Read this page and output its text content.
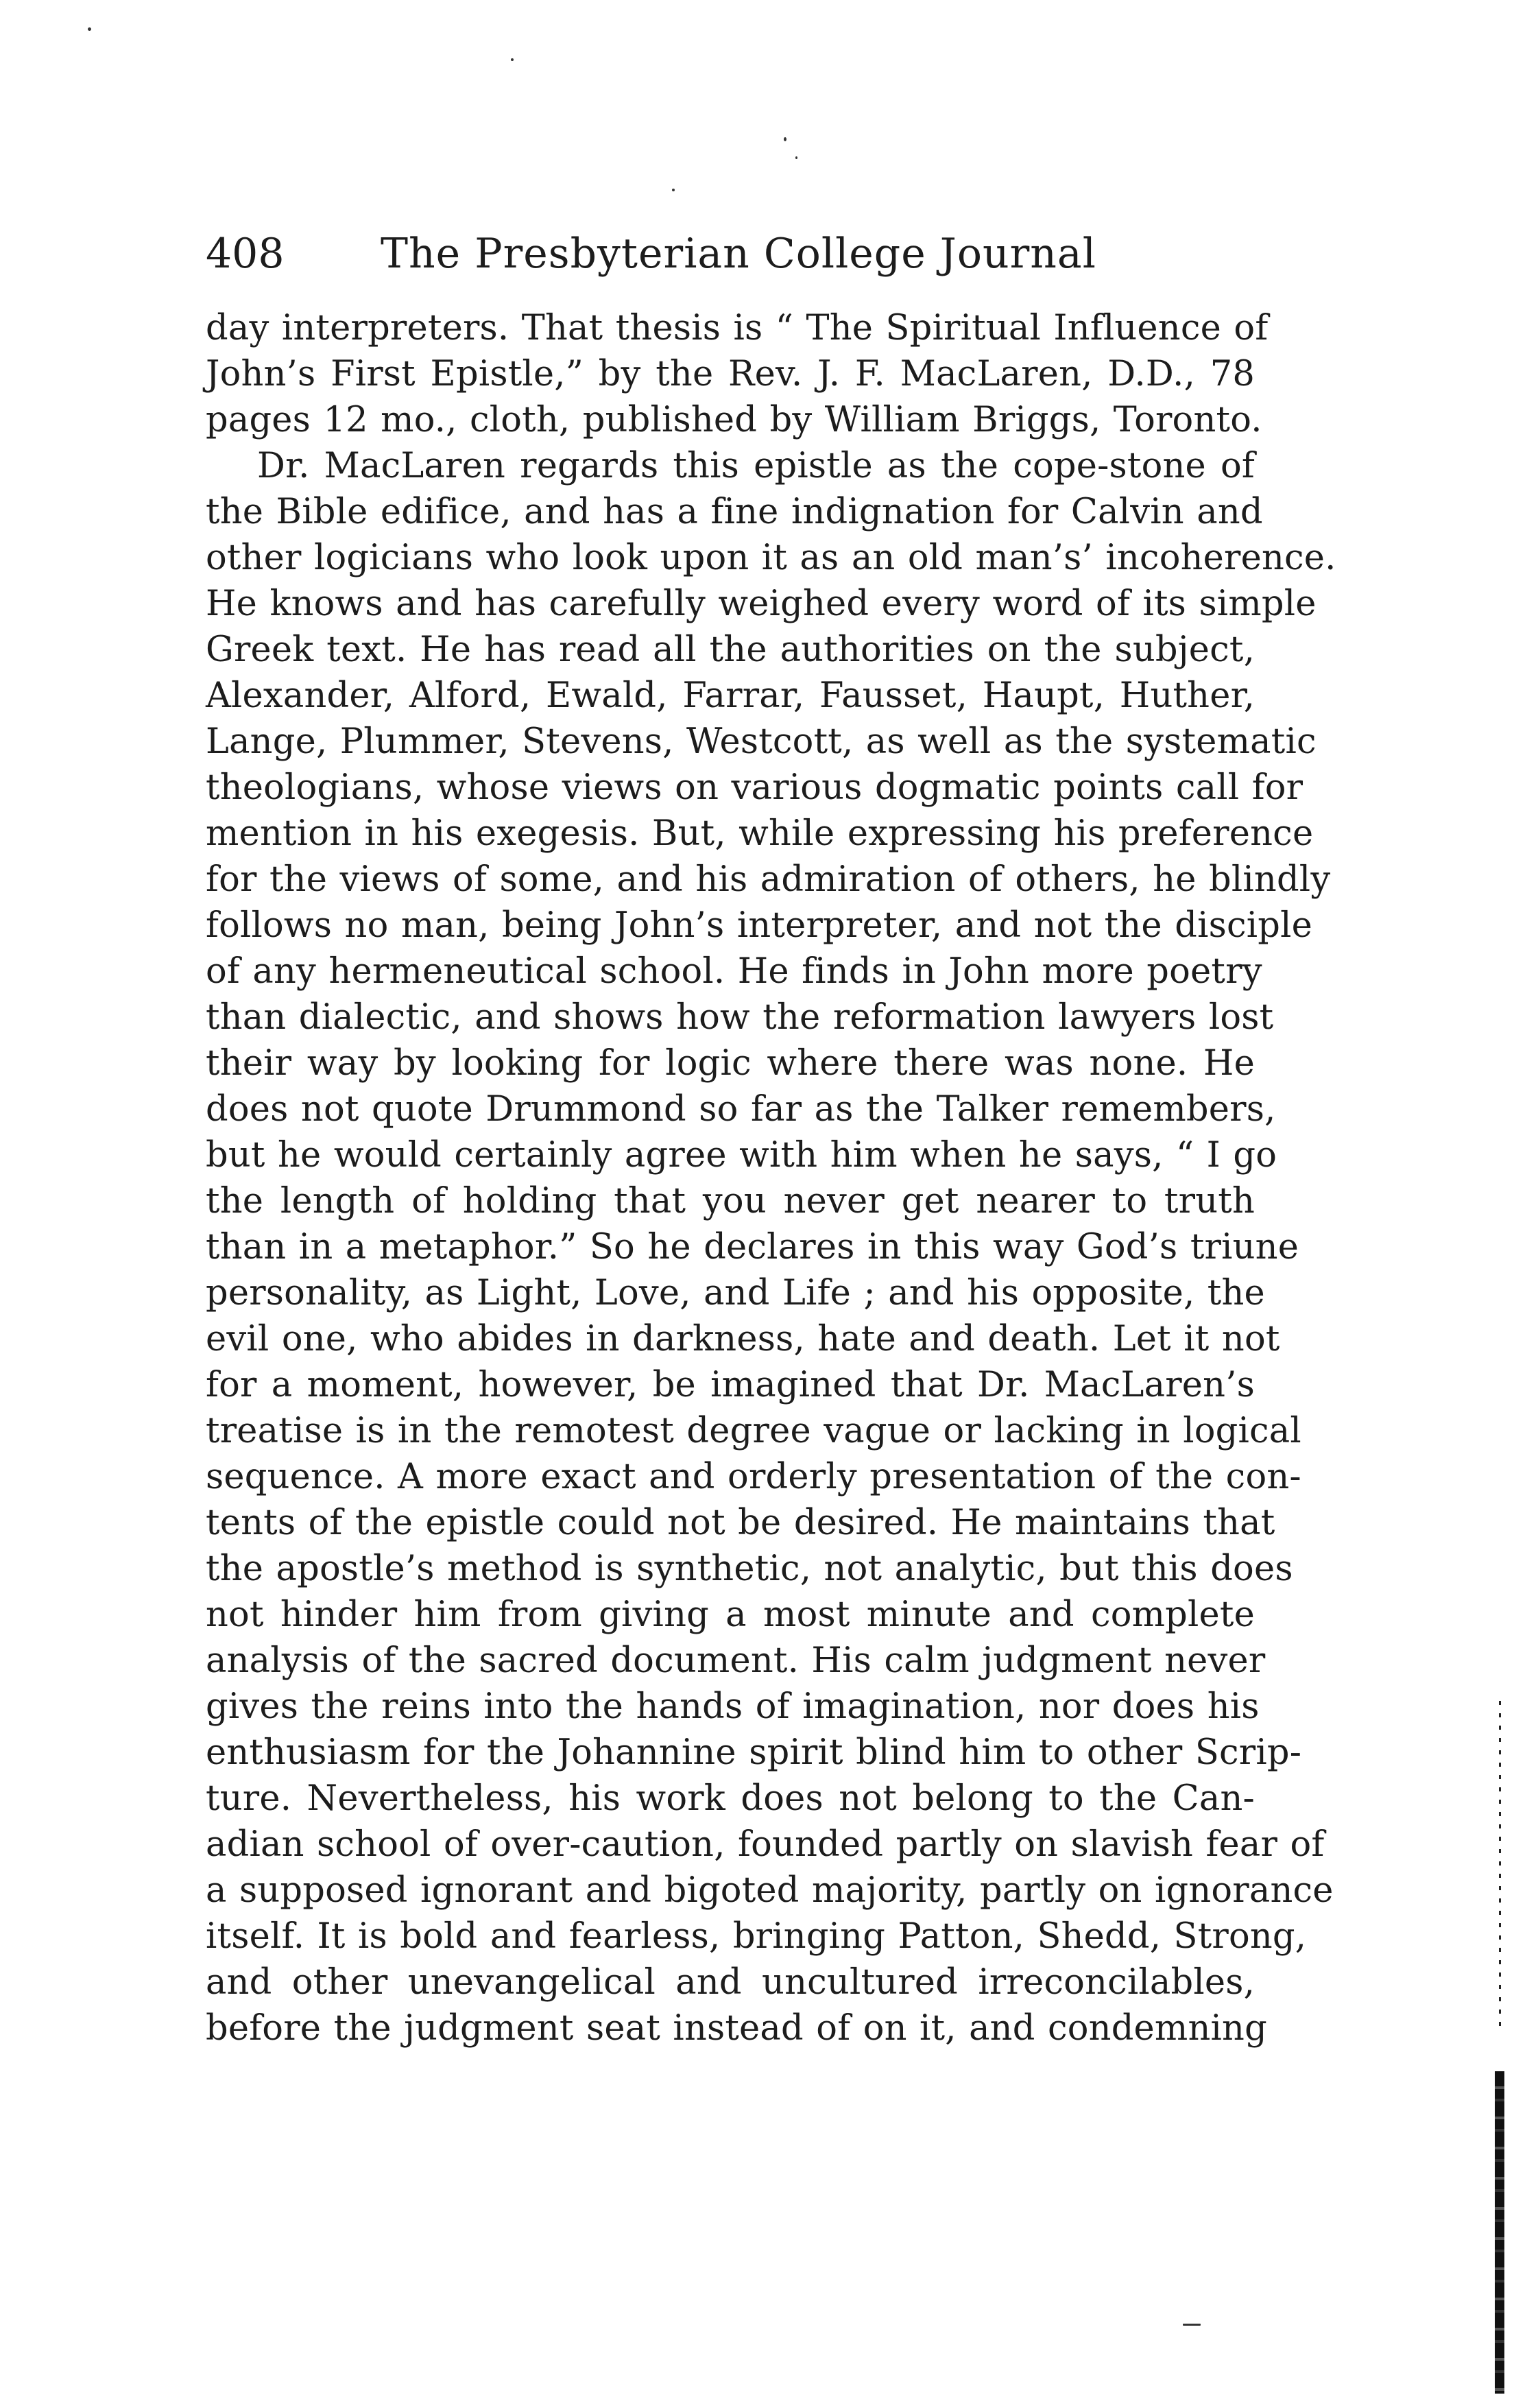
408 The Presbyterian College Journal
day interpreters. That thesis is “ The Spiritual Influence of
John’s First Epistle,” by the Rev. J. F. MacLaren, D.D., 78
pages 12 mo., cloth, published by William Briggs, Toronto.
Dr. MacLaren regards this epistle as the cope-stone of
the Bible edifice, and has a fine indignation for Calvin and
other logicians who look upon it as an old man’s’ incoherence.
He knows and has carefully weighed every word of its simple
Greek text. He has read all the authorities on the subject,
Alexander, Alford, Ewald, Farrar, Fausset, Haupt, Huther,
Lange, Plummer, Stevens, Westcott, as well as the systematic
theologians, whose views on various dogmatic points call for
mention in his exegesis. But, while expressing his preference
for the views of some, and his admiration of others, he blindly
follows no man, being John’s interpreter, and not the disciple
of any hermeneutical school. He finds in John more poetry
than dialectic, and shows how the reformation lawyers lost
their way by looking for logic where there was none. He
does not quote Drummond so far as the Talker remembers,
but he would certainly agree with him when he says, “ I go
the length of holding that you never get nearer to truth
than in a metaphor.” So he declares in this way God’s triune
personality, as Light, Love, and Life ; and his opposite, the
evil one, who abides in darkness, hate and death. Let it not
for a moment, however, be imagined that Dr. MacLaren’s
treatise is in the remotest degree vague or lacking in logical
sequence. A more exact and orderly presentation of the con-
tents of the epistle could not be desired. He maintains that
the apostle’s method is synthetic, not analytic, but this does
not hinder him from giving a most minute and complete
analysis of the sacred document. His calm judgment never
gives the reins into the hands of imagination, nor does his
enthusiasm for the Johannine spirit blind him to other Scrip-
ture. Nevertheless, his work does not belong to the Can-
adian school of over-caution, founded partly on slavish fear of
a supposed ignorant and bigoted majority, partly on ignorance
itself. It is bold and fearless, bringing Patton, Shedd, Strong,
and other unevangelical and uncultured irreconcilables,
before the judgment seat instead of on it, and condemning
